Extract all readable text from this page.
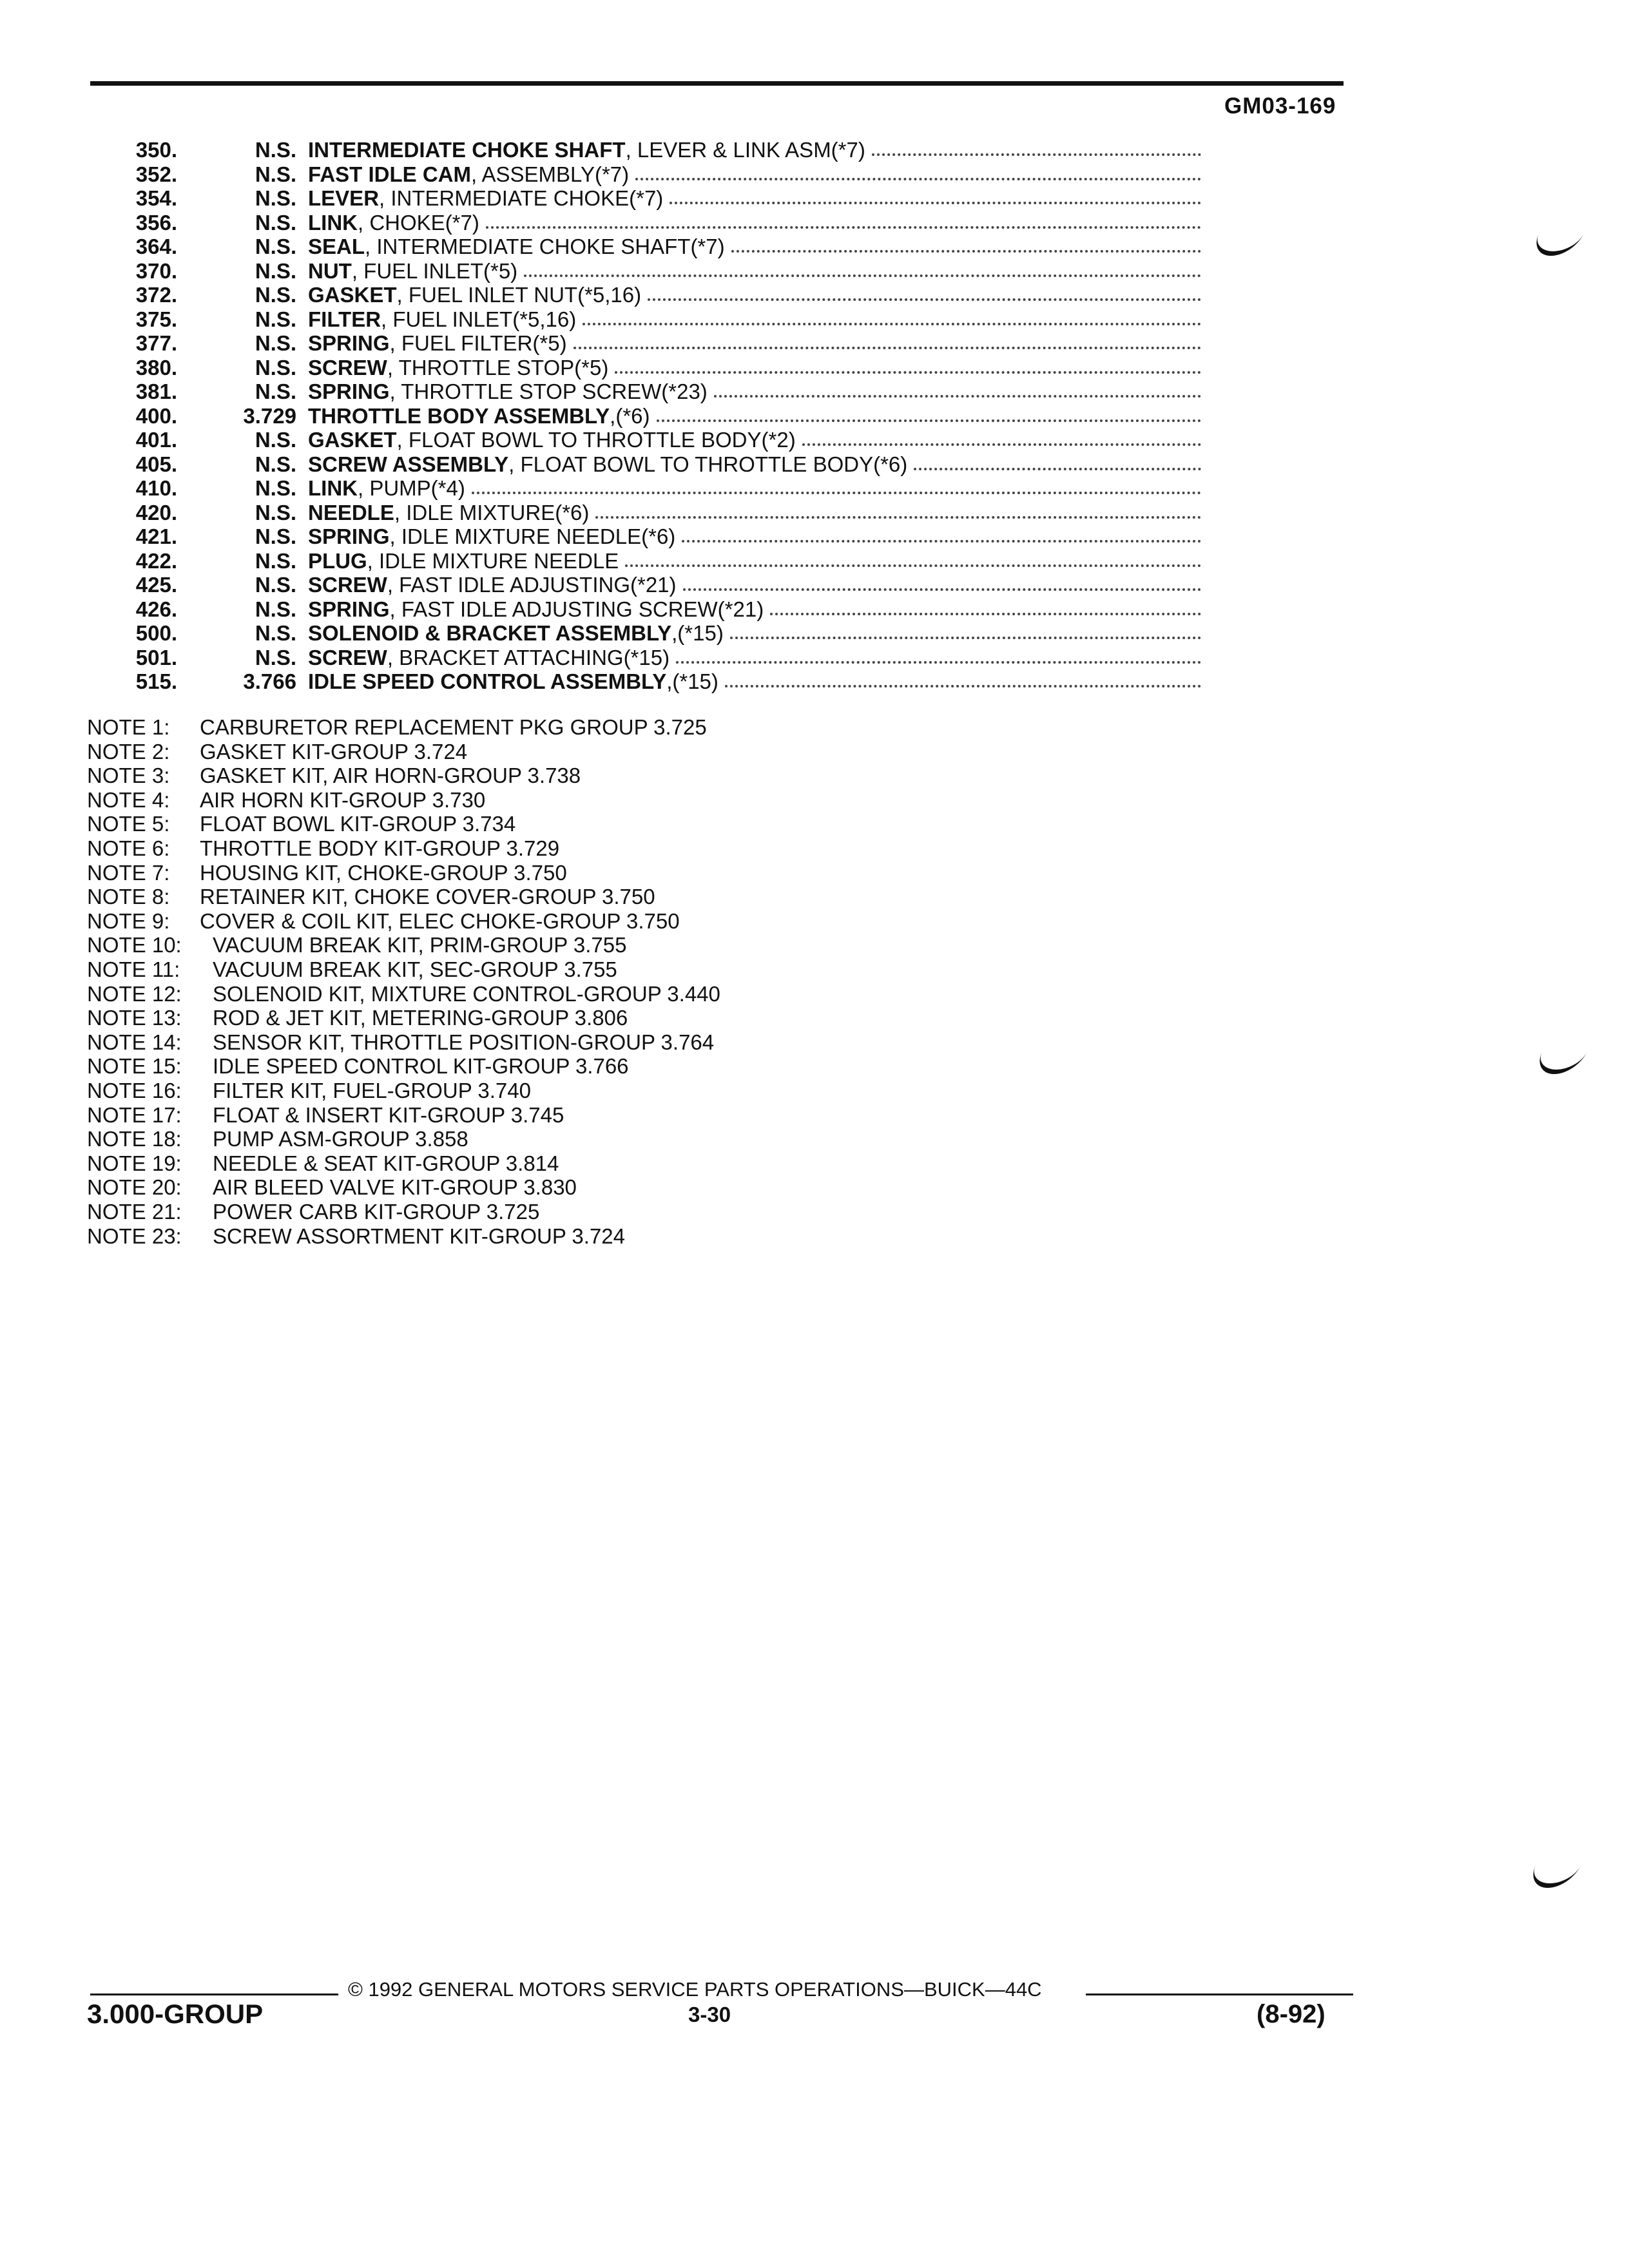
GM03-169
350.	N.S. INTERMEDIATE CHOKE SHAFT , LEVER & LINK ASM(*7)
352.	N.S. FAST IDLE CAM , ASSEMBLY(*7)
354.	N.S. LEVER , INTERMEDIATE CHOKE(*7)
356.	N.S. LINK , CHOKE(*7)
364.	N.S. SEAL , INTERMEDIATE CHOKE SHAFT(*7)
370.	N.S. NUT , FUEL INLET(*5)
372.	N.S. GASKET , FUEL INLET NUT(*5,16)
375.	N.S. FILTER , FUEL INLET(*5,16)
377.	N.S. SPRING , FUEL FILTER(*5)
380.	N.S. SCREW , THROTTLE STOP(*5)
381.	N.S. SPRING , THROTTLE STOP SCREW(*23)
400.	3.729 THROTTLE BODY ASSEMBLY ,(*6)
401.	N.S. GASKET , FLOAT BOWL TO THROTTLE BODY(*2)
405.	N.S. SCREW ASSEMBLY , FLOAT BOWL TO THROTTLE BODY(*6)
410.	N.S. LINK , PUMP(*4)
420.	N.S. NEEDLE , IDLE MIXTURE(*6)
421.	N.S. SPRING , IDLE MIXTURE NEEDLE(*6)
422.	N.S. PLUG , IDLE MIXTURE NEEDLE
425.	N.S. SCREW , FAST IDLE ADJUSTING(*21)
426.	N.S. SPRING , FAST IDLE ADJUSTING SCREW(*21)
500.	N.S. SOLENOID & BRACKET ASSEMBLY ,(*15)
501.	N.S. SCREW , BRACKET ATTACHING(*15)
515.	3.766 IDLE SPEED CONTROL ASSEMBLY ,(*15)
NOTE 1:	CARBURETOR REPLACEMENT PKG GROUP 3.725
NOTE 2:	GASKET KIT-GROUP 3.724
NOTE 3:	GASKET KIT, AIR HORN-GROUP 3.738
NOTE 4:	AIR HORN KIT-GROUP 3.730
NOTE 5:	FLOAT BOWL KIT-GROUP 3.734
NOTE 6:	THROTTLE BODY KIT-GROUP 3.729
NOTE 7:	HOUSING KIT, CHOKE-GROUP 3.750
NOTE 8:	RETAINER KIT, CHOKE COVER-GROUP 3.750
NOTE 9:	COVER & COIL KIT, ELEC CHOKE-GROUP 3.750
NOTE 10:	VACUUM BREAK KIT, PRIM-GROUP 3.755
NOTE 11:	VACUUM BREAK KIT, SEC-GROUP 3.755
NOTE 12:	SOLENOID KIT, MIXTURE CONTROL-GROUP 3.440
NOTE 13:	ROD & JET KIT, METERING-GROUP 3.806
NOTE 14:	SENSOR KIT, THROTTLE POSITION-GROUP 3.764
NOTE 15:	IDLE SPEED CONTROL KIT-GROUP 3.766
NOTE 16:	FILTER KIT, FUEL-GROUP 3.740
NOTE 17:	FLOAT & INSERT KIT-GROUP 3.745
NOTE 18:	PUMP ASM-GROUP 3.858
NOTE 19:	NEEDLE & SEAT KIT-GROUP 3.814
NOTE 20:	AIR BLEED VALVE KIT-GROUP 3.830
NOTE 21:	POWER CARB KIT-GROUP 3.725
NOTE 23:	SCREW ASSORTMENT KIT-GROUP 3.724
3.000-GROUP
© 1992 GENERAL MOTORS SERVICE PARTS OPERATIONS—BUICK—44C
3-30	(8-92)
